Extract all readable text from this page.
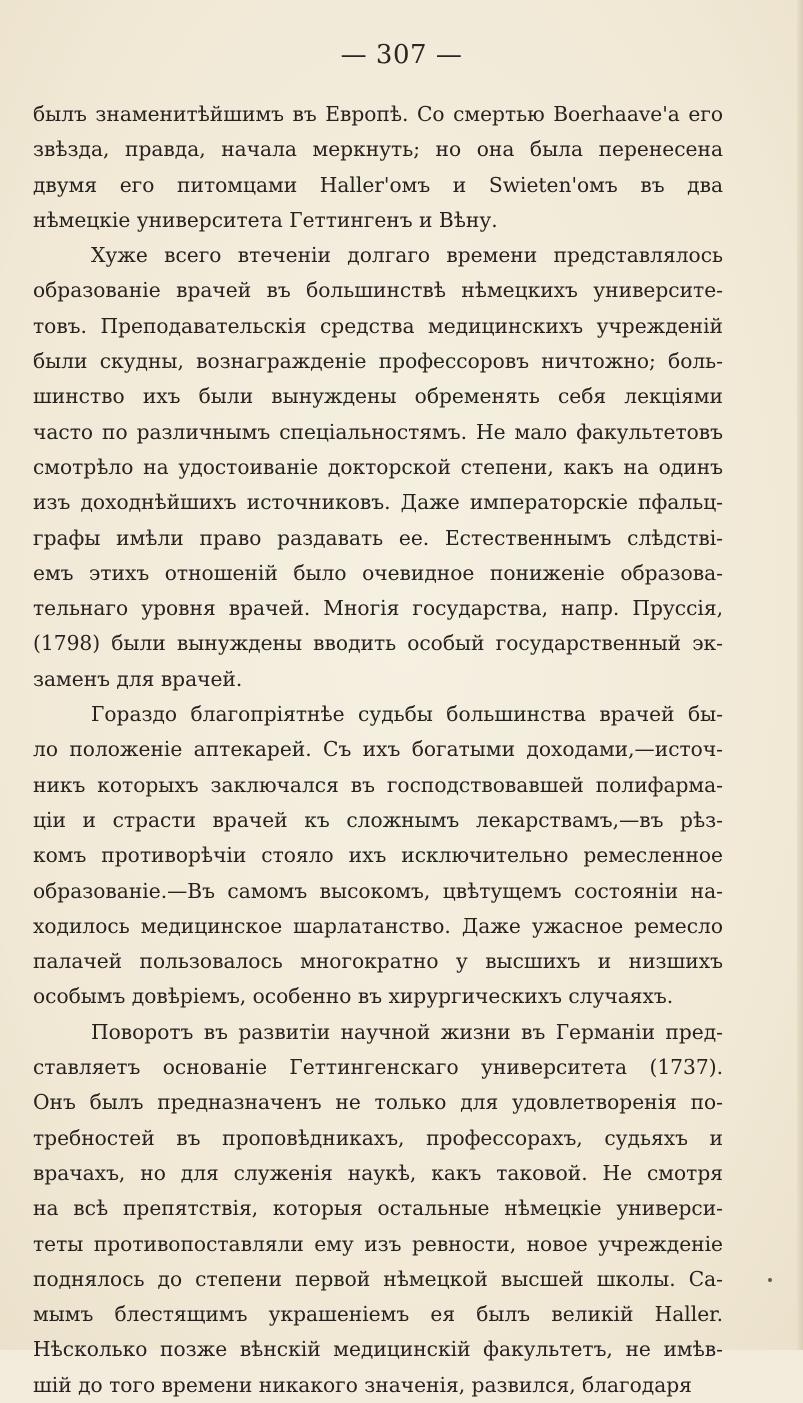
— 307 —
былъ знаменитѣйшимъ въ Европѣ. Со смертью Boerhaave'а его
звѣзда, правда, начала меркнуть; но она была перенесена
двумя его питомцами Haller'омъ и Swieten'омъ въ два
нѣмецкіе университета Геттингенъ и Вѣну.
Хуже всего втеченіи долгаго времени представлялось
образованіе врачей въ большинствѣ нѣмецкихъ университе-
товъ. Преподавательскія средства медицинскихъ учрежденій
были скудны, вознагражденіе профессоровъ ничтожно; боль-
шинство ихъ были вынуждены обременять себя лекціями
часто по различнымъ спеціальностямъ. Не мало факультетовъ
смотрѣло на удостоиваніе докторской степени, какъ на одинъ
изъ доходнѣйшихъ источниковъ. Даже императорскіе пфальц-
графы имѣли право раздавать ее. Естественнымъ слѣдстві-
емъ этихъ отношеній было очевидное пониженіе образова-
тельнаго уровня врачей. Многія государства, напр. Пруссія,
(1798) были вынуждены вводить особый государственный эк-
заменъ для врачей.
Гораздо благопріятнѣе судьбы большинства врачей бы-
ло положеніе аптекарей. Съ ихъ богатыми доходами,—источ-
никъ которыхъ заключался въ господствовавшей полифарма-
ціи и страсти врачей къ сложнымъ лекарствамъ,—въ рѣз-
комъ противорѣчіи стояло ихъ исключительно ремесленное
образованіе.—Въ самомъ высокомъ, цвѣтущемъ состояніи на-
ходилось медицинское шарлатанство. Даже ужасное ремесло
палачей пользовалось многократно у высшихъ и низшихъ
особымъ довѣріемъ, особенно въ хирургическихъ случаяхъ.
Поворотъ въ развитіи научной жизни въ Германіи пред-
ставляетъ основаніе Геттингенскаго университета (1737).
Онъ былъ предназначенъ не только для удовлетворенія по-
требностей въ проповѣдникахъ, профессорахъ, судьяхъ и
врачахъ, но для служенія наукѣ, какъ таковой. Не смотря
на всѣ препятствія, которыя остальные нѣмецкіе универси-
теты противопоставляли ему изъ ревности, новое учрежденіе
поднялось до степени первой нѣмецкой высшей школы. Са-
мымъ блестящимъ украшеніемъ ея былъ великій Haller.
Нѣсколько позже вѣнскій медицинскій факультетъ, не имѣв-
шій до того времени никакого значенія, развился, благодаря
